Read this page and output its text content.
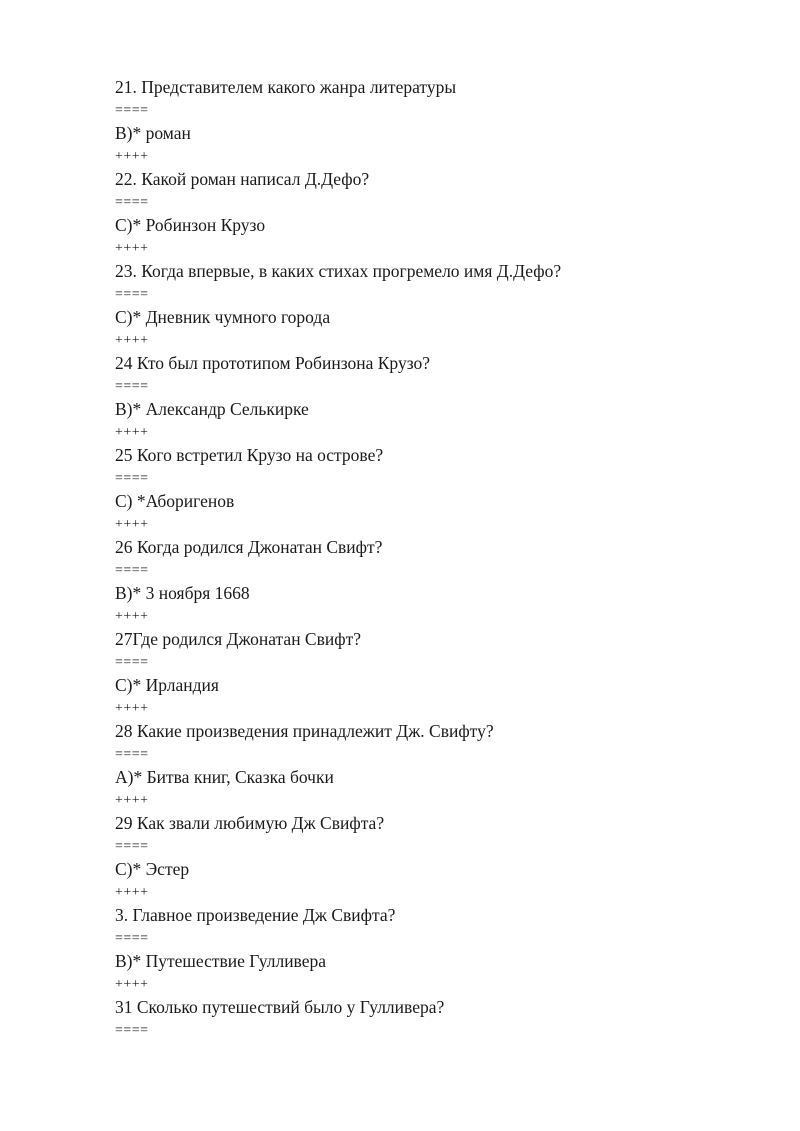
21. Представителем какого жанра литературы
====
B)* роман
++++
22. Какой роман написал Д.Дефо?
====
C)* Робинзон Крузо
++++
23. Когда впервые, в каких стихах прогремело имя Д.Дефо?
====
C)* Дневник чумного города
++++
24 Кто был прототипом Робинзона Крузо?
====
B)* Александр Селькирке
++++
25 Кого встретил Крузо на острове?
====
C) *Аборигенов
++++
26 Когда родился Джонатан Свифт?
====
B)* 3 ноября 1668
++++
27Где родился Джонатан Свифт?
====
C)* Ирландия
++++
28 Какие произведения принадлежит Дж. Свифту?
====
A)* Битва книг, Сказка бочки
++++
29 Как звали любимую Дж Свифта?
====
C)* Эстер
++++
3. Главное произведение Дж Свифта?
====
B)* Путешествие Гулливера
++++
31 Сколько путешествий было у Гулливера?
====
